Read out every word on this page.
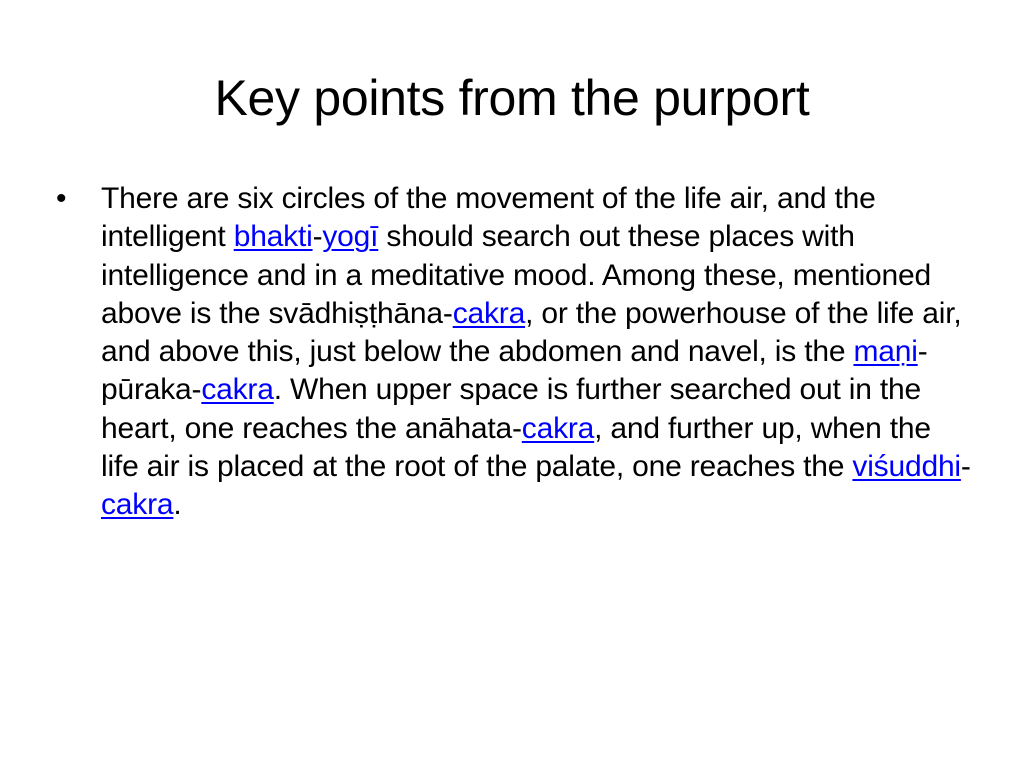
Key points from the purport
• There are six circles of the movement of the life air, and the intelligent bhakti-yogī should search out these places with intelligence and in a meditative mood. Among these, mentioned above is the svādhiṣṭhāna-cakra, or the powerhouse of the life air, and above this, just below the abdomen and navel, is the maṇi-pūraka-cakra. When upper space is further searched out in the heart, one reaches the anāhata-cakra, and further up, when the life air is placed at the root of the palate, one reaches the viśuddhi-cakra.
